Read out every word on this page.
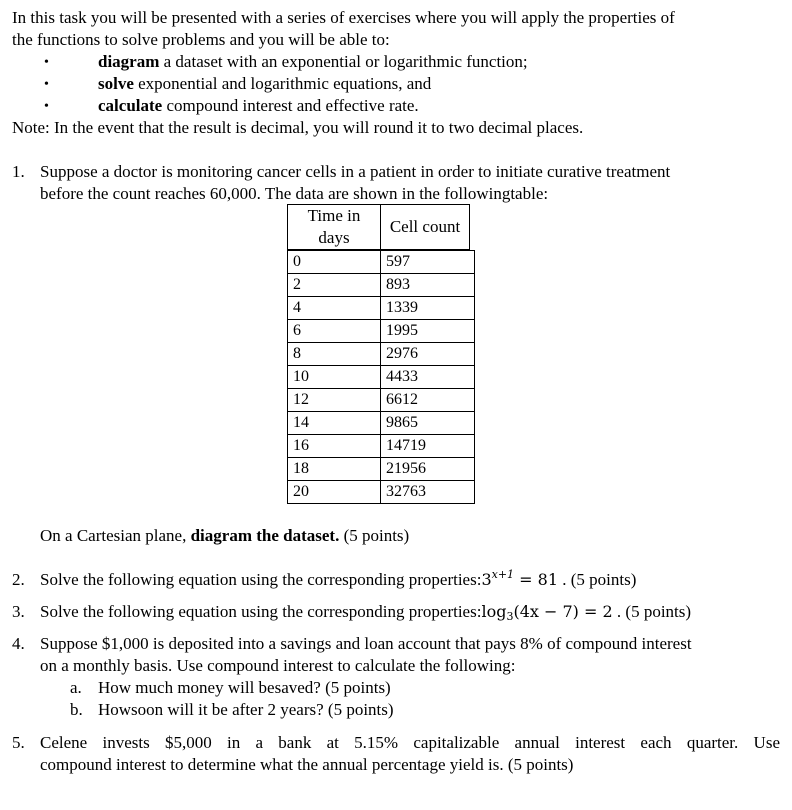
In this task you will be presented with a series of exercises where you will apply the properties of
the functions to solve problems and you will be able to:
•	diagram a dataset with an exponential or logarithmic function;
•	solve exponential and logarithmic equations, and
•	calculate compound interest and effective rate.
Note: In the event that the result is decimal, you will round it to two decimal places.
1. Suppose a doctor is monitoring cancer cells in a patient in order to initiate curative treatment
before the count reaches 60,000. The data are shown in the followingtable:
Time in
days
	Cell count
0	597
2	893
4	1339
6	1995
8	2976
10	4433
12	6612
14	9865
16	14719
18	21956
20	32763
On a Cartesian plane, diagram the dataset. (5 points)
2. Solve the following equation using the corresponding $properties:3^{x+1} = 81$ . (5 points)
3. Solve the following equation using the corresponding $properties:\log_3(4x - 7) = 2$ . (5 points)
4. Suppose $1,000 is deposited into a savings and loan account that pays 8% of compound interest
on a monthly basis. Use compound interest to calculate the following:
a. How much money will besaved? (5 points)
b. Howsoon will it be after 2 years? (5 points)
5. Celene invests $5,000 in a bank at 5.15% capitalizable annual interest each quarter. Use
compound interest to determine what the annual percentage yield is. (5 points)
